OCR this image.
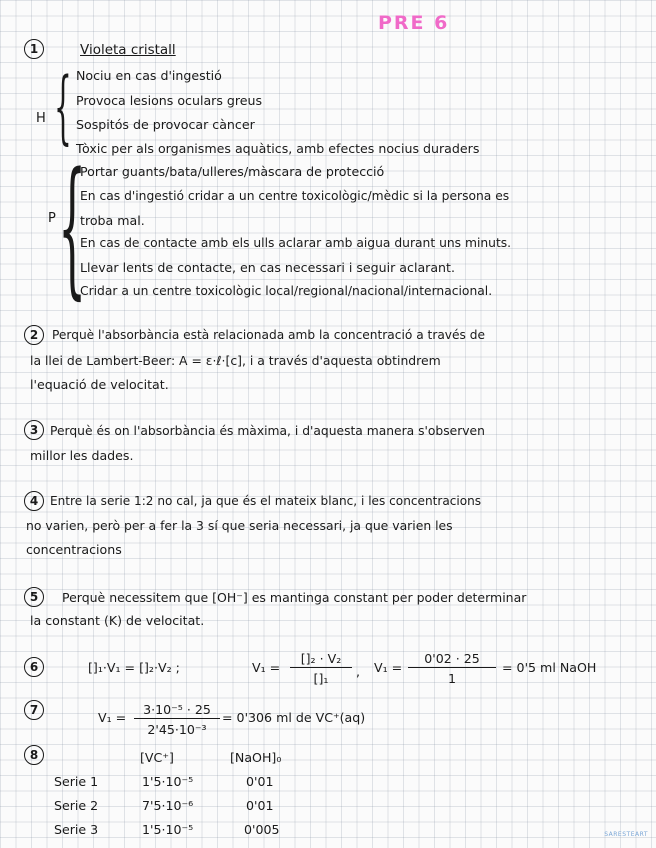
PRE 6
1	Violeta cristall
H { Nociu en cas d'ingestió
Provoca lesions oculars greus
Sospitós de provocar càncer
Tòxic per als organismes aquàtics, amb efectes nocius duraders
P {
Portar guants/bata/ulleres/màscara de protecció
En cas d'ingestió cridar a un centre toxicològic/mèdic si la persona es
troba mal.
En cas de contacte amb els ulls aclarar amb aigua durant uns minuts.
Llevar lents de contacte, en cas necessari i seguir aclarant.
Cridar a un centre toxicològic local/regional/nacional/internacional.
2	Perquè l'absorbància està relacionada amb la concentració a través de
la llei de Lambert-Beer: A = ε·ℓ·[c], i a través d'aquesta obtindrem
l'equació de velocitat.
3 Perquè és on l'absorbància és màxima, i d'aquesta manera s'observen
millor les dades.
4 Entre la serie 1:2 no cal, ja que és el mateix blanc, i les concentracions
no varien, però per a fer la 3 sí que seria necessari, ja que varien les
concentracions
5	Perquè necessitem que [OH⁻] es mantinga constant per poder determinar
la constant (K) de velocitat.
6	[]₁·V₁ = []₂·V₂ ;	V₁ =
[]₂ · V₂
[]₁	, V₁ =
0'02 · 25
1
= 0'5 ml NaOH
7	V₁ =
3·10⁻⁵ · 25
2'45·10⁻³
= 0'306 ml de VC⁺(aq)
8	[VC⁺]	[NaOH]₀
Serie 1	1'5·10⁻⁵	0'01
Serie 2	7'5·10⁻⁶	0'01
Serie 3	1'5·10⁻⁵	0'005	SARESTEART
